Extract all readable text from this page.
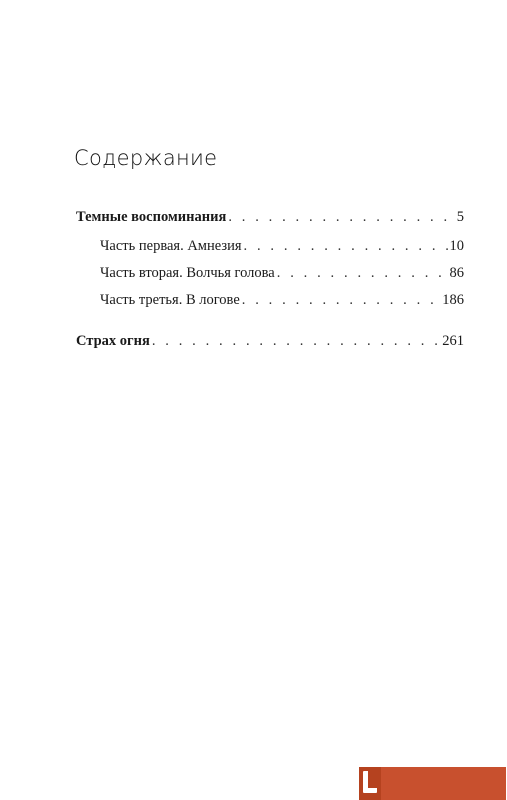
Содержание
Темные воспоминания . . .	5
Часть первая. Амнезия . . .	10
Часть вторая. Волчья голова . . .	86
Часть третья. В логове . . .	186
Страх огня . . .	261
